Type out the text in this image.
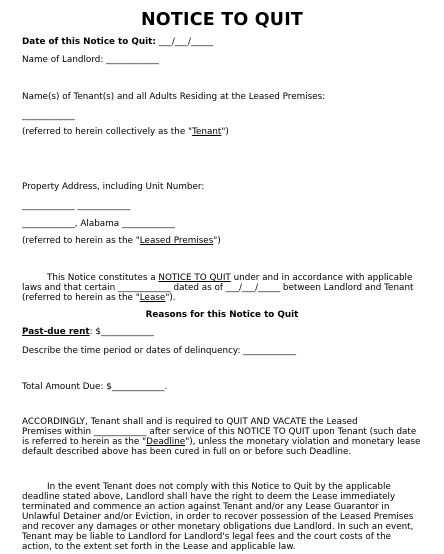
NOTICE TO QUIT
Date of this Notice to Quit: ___/___/_____
Name of Landlord: ____________
Name(s) of Tenant(s) and all Adults Residing at the Leased Premises:
____________
(referred to herein collectively as the "Tenant")
Property Address, including Unit Number:
____________ ____________
____________, Alabama ____________
(referred to herein as the "Leased Premises")
This Notice constitutes a NOTICE TO QUIT under and in accordance with applicable
laws and that certain ____________ dated as of ___/___/_____ between Landlord and Tenant
(referred to herein as the "Lease").
Reasons for this Notice to Quit
Past-due rent: $____________
Describe the time period or dates of delinquency: ____________
Total Amount Due: $____________.
ACCORDINGLY, Tenant shall and is required to QUIT AND VACATE the Leased
Premises within ____________ after service of this NOTICE TO QUIT upon Tenant (such date
is referred to herein as the "Deadline"), unless the monetary violation and monetary lease
default described above has been cured in full on or before such Deadline.
In the event Tenant does not comply with this Notice to Quit by the applicable
deadline stated above, Landlord shall have the right to deem the Lease immediately
terminated and commence an action against Tenant and/or any Lease Guarantor in
Unlawful Detainer and/or Eviction, in order to recover possession of the Leased Premises
and recover any damages or other monetary obligations due Landlord. In such an event,
Tenant may be liable to Landlord for Landlord's legal fees and the court costs of the
action, to the extent set forth in the Lease and applicable law.
